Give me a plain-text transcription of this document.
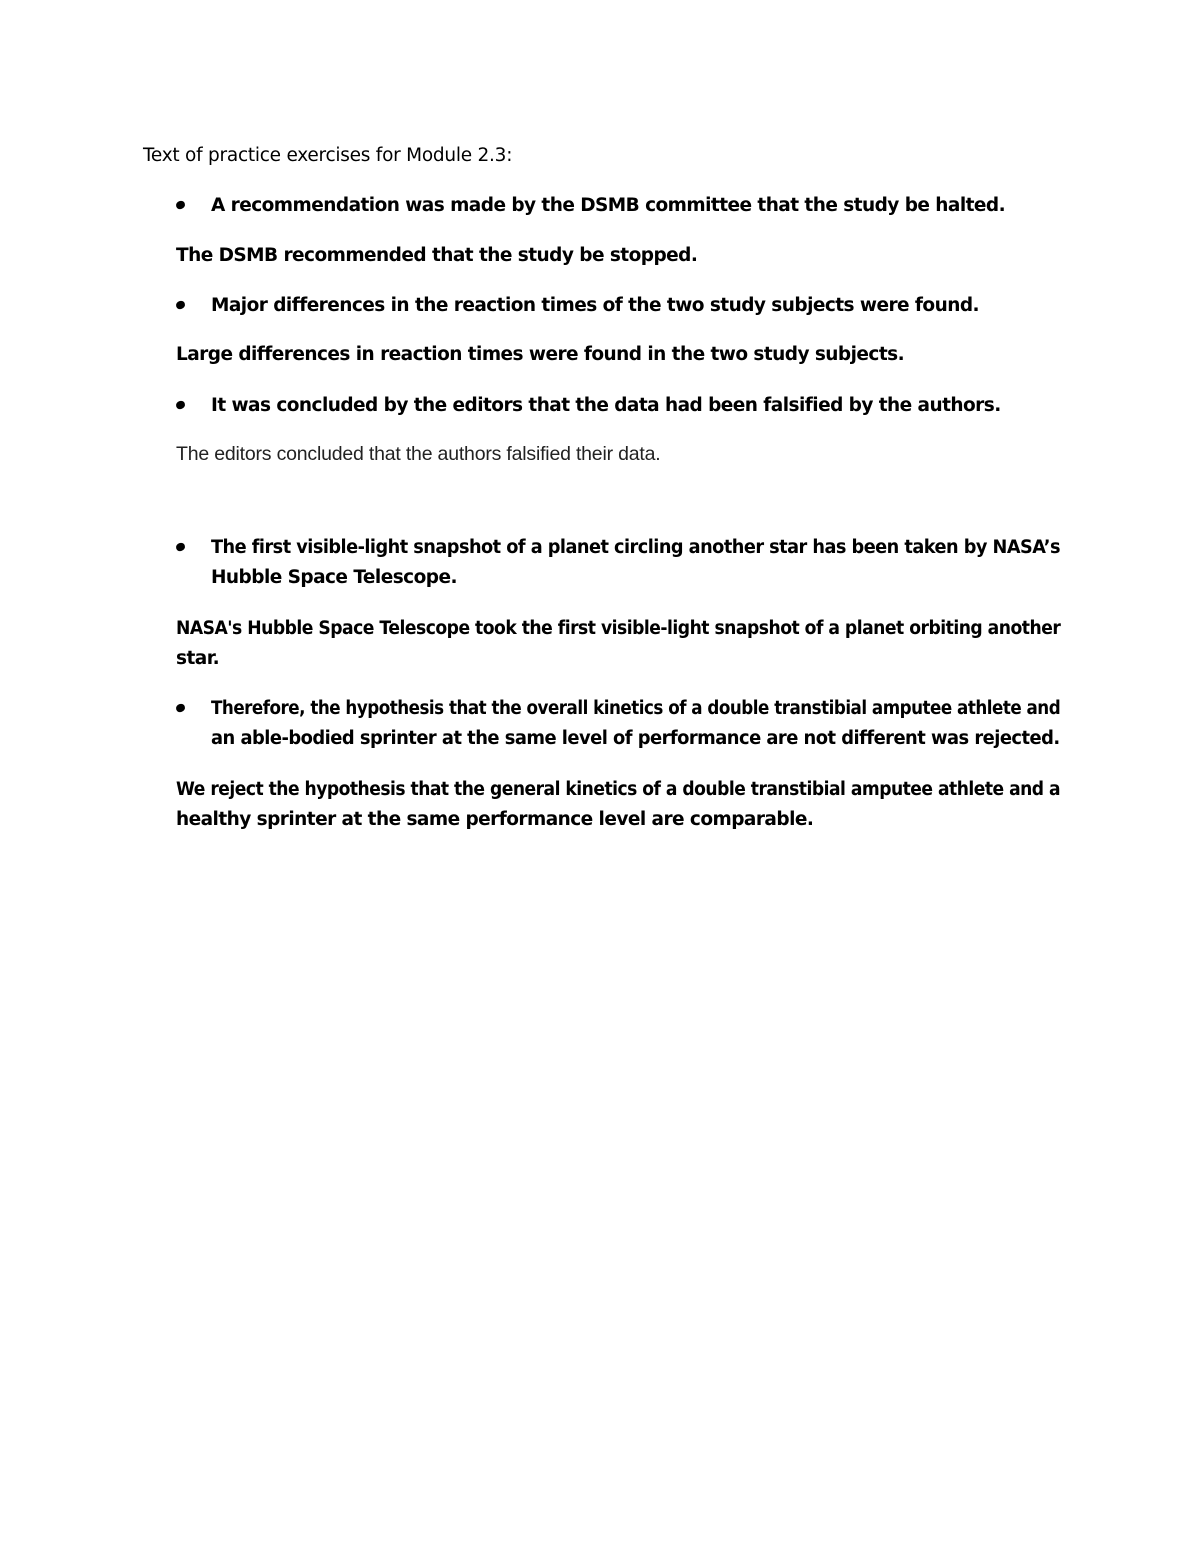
Text of practice exercises for Module 2.3:
A recommendation was made by the DSMB committee that the study be halted.
The DSMB recommended that the study be stopped.
Major differences in the reaction times of the two study subjects were found.
Large differences in reaction times were found in the two study subjects.
It was concluded by the editors that the data had been falsified by the authors.
The editors concluded that the authors falsified their data.
The first visible-light snapshot of a planet circling another star has been taken by NASA’s
Hubble Space Telescope.
NASA's Hubble Space Telescope took the first visible-light snapshot of a planet orbiting another
star.
Therefore, the hypothesis that the overall kinetics of a double transtibial amputee athlete and
an able-bodied sprinter at the same level of performance are not different was rejected.
We reject the hypothesis that the general kinetics of a double transtibial amputee athlete and a
healthy sprinter at the same performance level are comparable.
